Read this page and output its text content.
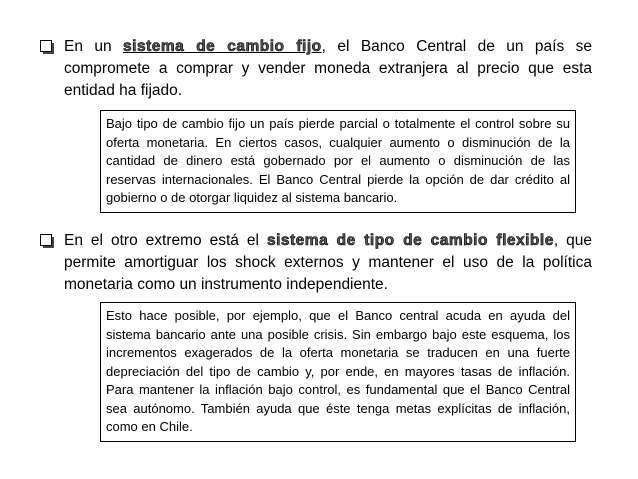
En un sistema de cambio fijo, el Banco Central de un país se compromete a comprar y vender moneda extranjera al precio que esta entidad ha fijado.
Bajo tipo de cambio fijo un país pierde parcial o totalmente el control sobre su oferta monetaria. En ciertos casos, cualquier aumento o disminución de la cantidad de dinero está gobernado por el aumento o disminución de las reservas internacionales. El Banco Central pierde la opción de dar crédito al gobierno o de otorgar liquidez al sistema bancario.
En el otro extremo está el sistema de tipo de cambio flexible, que permite amortiguar los shock externos y mantener el uso de la política monetaria como un instrumento independiente.
Esto hace posible, por ejemplo, que el Banco central acuda en ayuda del sistema bancario ante una posible crisis. Sin embargo bajo este esquema, los incrementos exagerados de la oferta monetaria se traducen en una fuerte depreciación del tipo de cambio y, por ende, en mayores tasas de inflación. Para mantener la inflación bajo control, es fundamental que el Banco Central sea autónomo. También ayuda que éste tenga metas explícitas de inflación, como en Chile.
